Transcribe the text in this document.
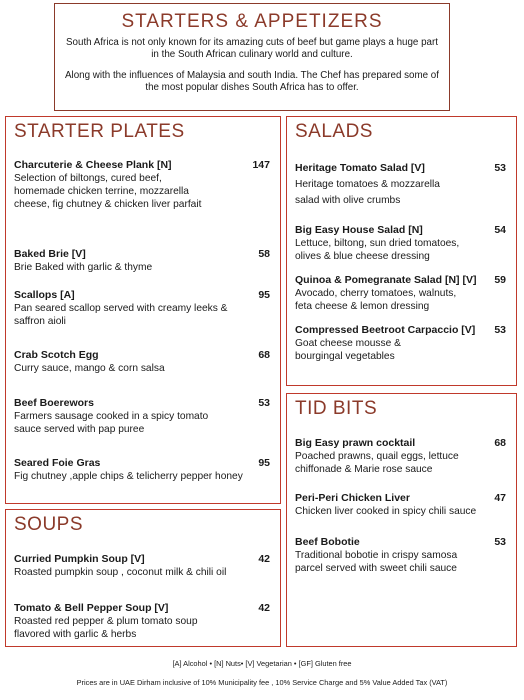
STARTERS & APPETIZERS

South Africa is not only known for its amazing cuts of beef but game plays a huge part in the South African culinary world and culture.

Along with the influences of Malaysia and south India. The Chef has prepared some of the most popular dishes South Africa has to offer.

STARTER PLATES
Charcuterie & Cheese Plank [N]	147
Selection of biltongs, cured beef, homemade chicken terrine, mozzarella cheese, fig chutney & chicken liver parfait
Baked Brie [V]	58
Brie Baked with garlic & thyme
Scallops [A]	95
Pan seared scallop served with creamy leeks & saffron aioli
Crab Scotch Egg	68
Curry sauce, mango & corn salsa
Beef Boerewors	53
Farmers sausage cooked in a spicy tomato sauce served with pap puree
Seared Foie Gras	95
Fig chutney ,apple chips & telicherry pepper honey
SALADS
Heritage Tomato Salad [V]	53
Heritage tomatoes & mozzarella salad with olive crumbs
Big Easy House Salad [N]	54
Lettuce, biltong, sun dried tomatoes, olives & blue cheese dressing
Quinoa & Pomegranate Salad [N] [V]	59
Avocado, cherry tomatoes, walnuts, feta cheese & lemon dressing
Compressed Beetroot Carpaccio [V]	53
Goat cheese mousse & bourgingal vegetables
TID BITS
Big Easy prawn cocktail	68
Poached prawns, quail eggs, lettuce chiffonade & Marie rose sauce
Peri-Peri Chicken Liver	47
Chicken liver cooked in spicy chili sauce
Beef Bobotie	53
Traditional bobotie in crispy samosa parcel served with sweet chili sauce
SOUPS
Curried Pumpkin Soup [V]	42
Roasted pumpkin soup , coconut milk & chili oil
Tomato & Bell Pepper Soup [V]	42
Roasted red pepper & plum tomato soup flavored with garlic & herbs
[A] Alcohol • [N] Nuts• [V] Vegetarian • [GF] Gluten free
Prices are in UAE Dirham inclusive of 10% Municipality fee , 10% Service Charge and 5% Value Added Tax (VAT)
